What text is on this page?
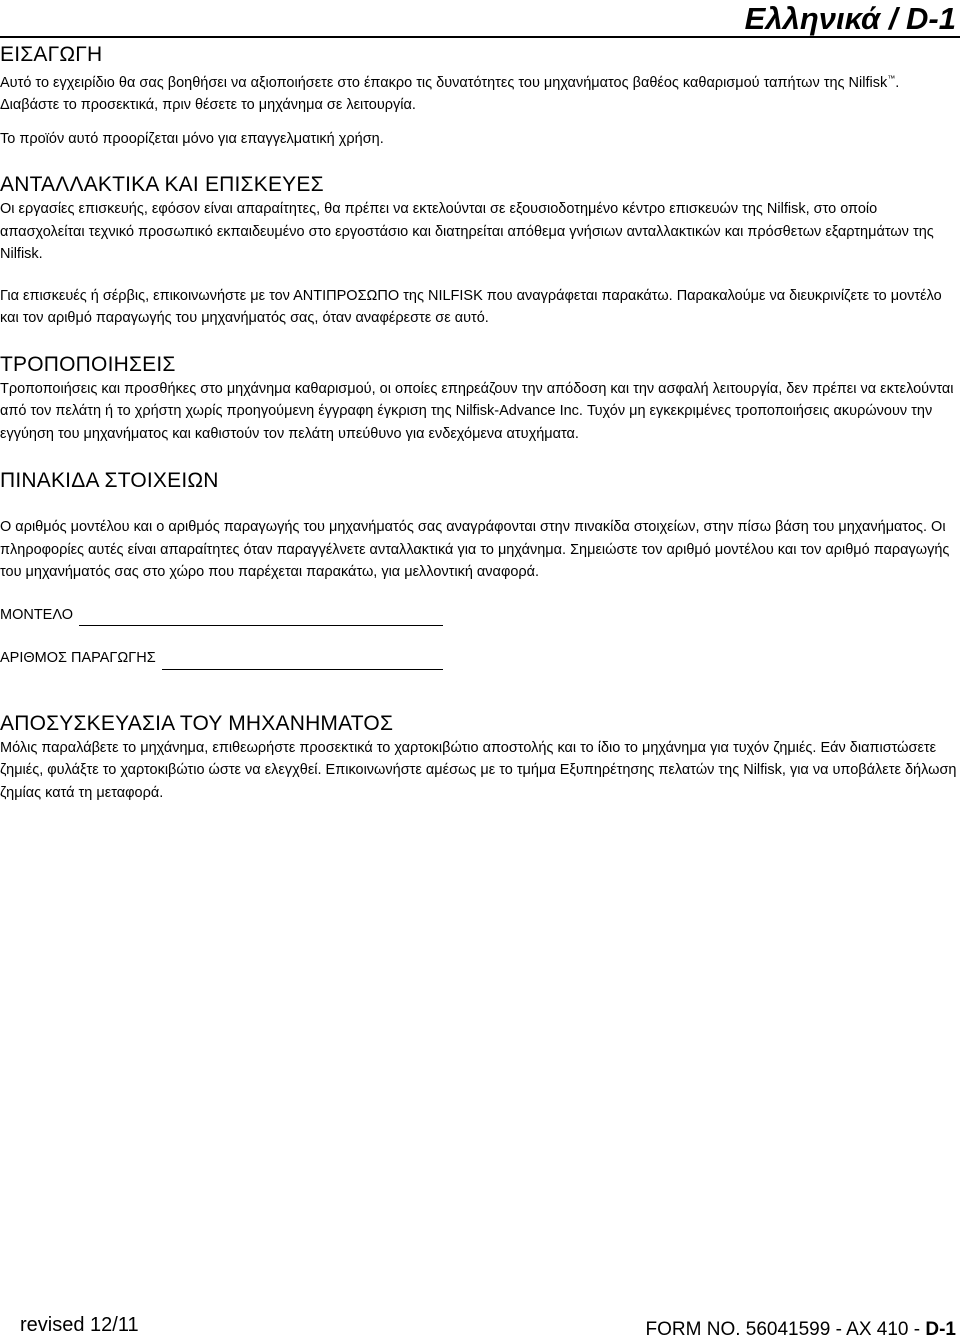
Ελληνικά / D-1
ΕΙΣΑΓΩΓΗ

Αυτό το εγχειρίδιο θα σας βοηθήσει να αξιοποιήσετε στο έπακρο τις δυνατότητες του μηχανήματος βαθέος καθαρισμού ταπήτων της Nilfisk™.

Διαβάστε το προσεκτικά, πριν θέσετε το μηχάνημα σε λειτουργία.

Το προϊόν αυτό προορίζεται μόνο για επαγγελματική χρήση.

ΑΝΤΑΛΛΑΚΤΙΚΑ ΚΑΙ ΕΠΙΣΚΕΥΕΣ

Οι εργασίες επισκευής, εφόσον είναι απαραίτητες, θα πρέπει να εκτελούνται σε εξουσιοδοτημένο κέντρο επισκευών της Nilfisk, στο οποίο απασχολείται τεχνικό προσωπικό εκπαιδευμένο στο εργοστάσιο και διατηρείται απόθεμα γνήσιων ανταλλακτικών και πρόσθετων εξαρτημάτων της Nilfisk.

Για επισκευές ή σέρβις, επικοινωνήστε με τον ΑΝΤΙΠΡΟΣΩΠΟ της NILFISK που αναγράφεται παρακάτω. Παρακαλούμε να διευκρινίζετε το μοντέλο και τον αριθμό παραγωγής του μηχανήματός σας, όταν αναφέρεστε σε αυτό.

ΤΡΟΠΟΠΟΙΗΣΕΙΣ

Τροποποιήσεις και προσθήκες στο μηχάνημα καθαρισμού, οι οποίες επηρεάζουν την απόδοση και την ασφαλή λειτουργία, δεν πρέπει να εκτελούνται από τον πελάτη ή το χρήστη χωρίς προηγούμενη έγγραφη έγκριση της Nilfisk-Advance Inc. Τυχόν μη εγκεκριμένες τροποποιήσεις ακυρώνουν την εγγύηση του μηχανήματος και καθιστούν τον πελάτη υπεύθυνο για ενδεχόμενα ατυχήματα.

ΠΙΝΑΚΙΔΑ ΣΤΟΙΧΕΙΩΝ

Ο αριθμός μοντέλου και ο αριθμός παραγωγής του μηχανήματός σας αναγράφονται στην πινακίδα στοιχείων, στην πίσω βάση του μηχανήματος. Οι πληροφορίες αυτές είναι απαραίτητες όταν παραγγέλνετε ανταλλακτικά για το μηχάνημα. Σημειώστε τον αριθμό μοντέλου και τον αριθμό παραγωγής του μηχανήματός σας στο χώρο που παρέχεται παρακάτω, για μελλοντική αναφορά.

ΜΟΝΤΕΛΟ
ΑΡΙΘΜΟΣ ΠΑΡΑΓΩΓΗΣ
ΑΠΟΣΥΣΚΕΥΑΣΙΑ ΤΟΥ ΜΗΧΑΝΗΜΑΤΟΣ

Μόλις παραλάβετε το μηχάνημα, επιθεωρήστε προσεκτικά το χαρτοκιβώτιο αποστολής και το ίδιο το μηχάνημα για τυχόν ζημιές. Εάν διαπιστώσετε ζημιές, φυλάξτε το χαρτοκιβώτιο ώστε να ελεγχθεί. Επικοινωνήστε αμέσως με το τμήμα Εξυπηρέτησης πελατών της Nilfisk, για να υποβάλετε δήλωση ζημίας κατά τη μεταφορά.

revised 12/11	FORM NO. 56041599 - AX 410 - D-1
